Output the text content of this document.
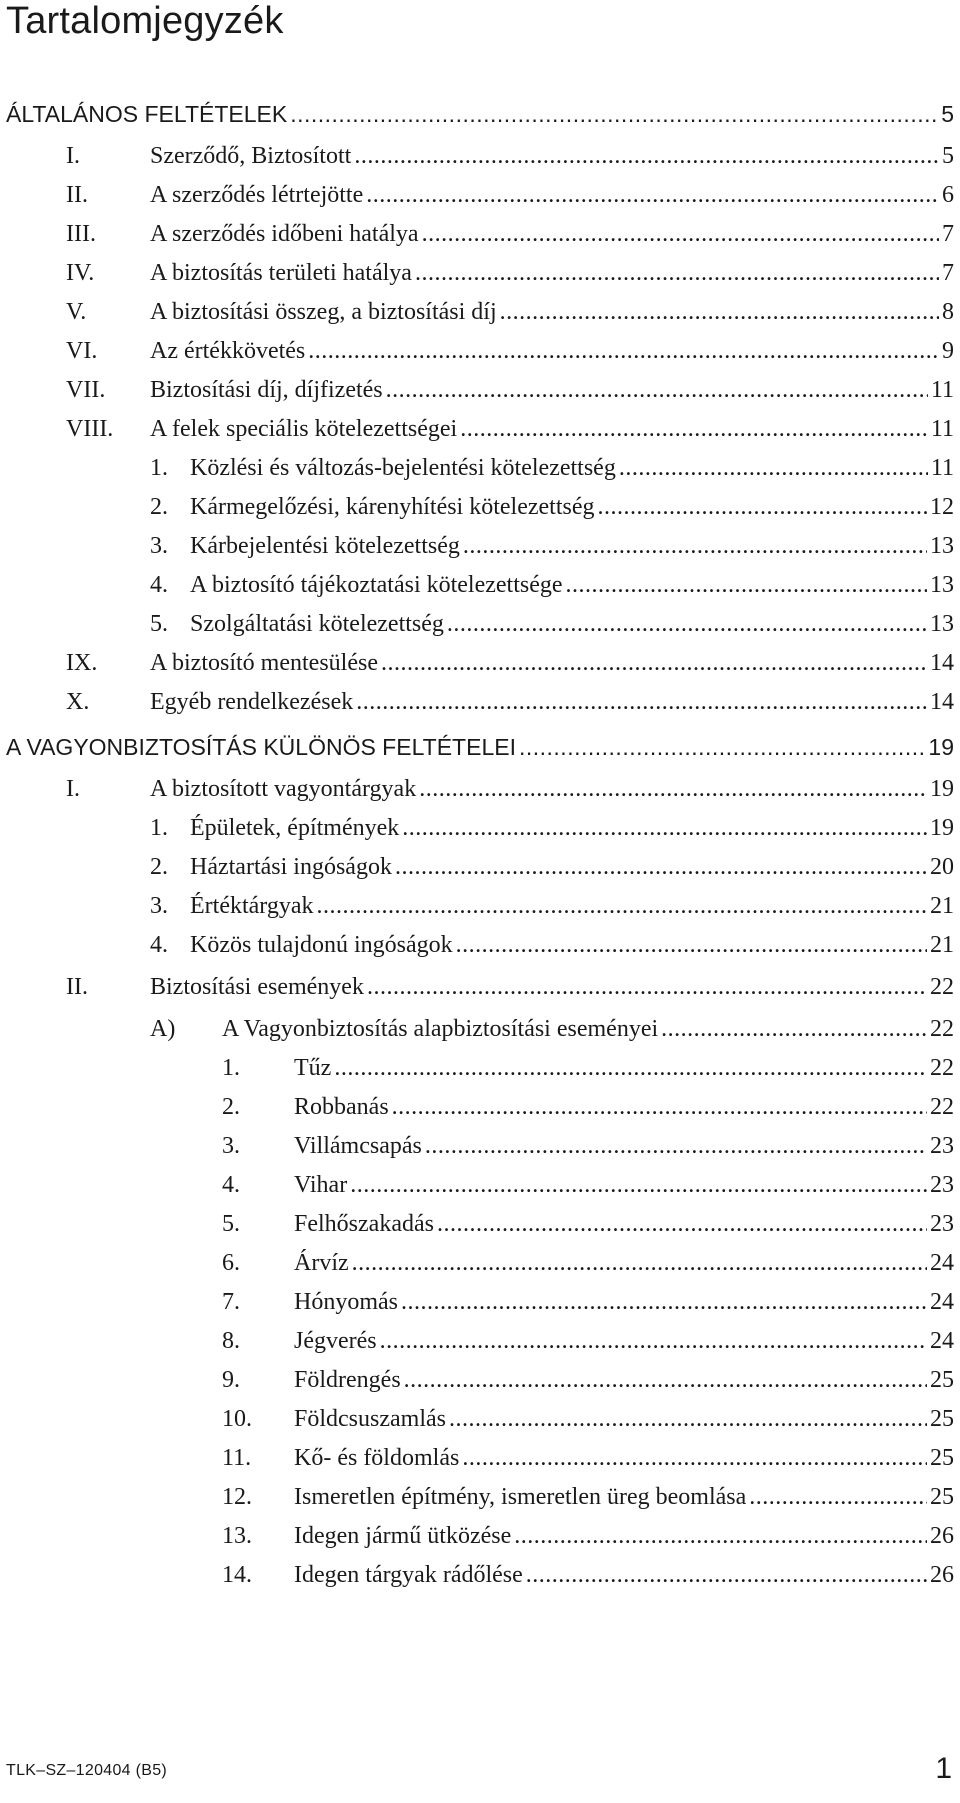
Tartalomjegyzék
ÁLTALÁNOS FELTÉTELEK .....	5
I.	Szerződő, Biztosított .....	5
II.	A szerződés létrtejötte .....	6
III.	A szerződés időbeni hatálya .....	7
IV.	A biztosítás területi hatálya .....	7
V.	A biztosítási összeg, a biztosítási díj .....	8
VI.	Az értékkövetés .....	9
VII.	Biztosítási díj, díjfizetés .....	11
VIII.	A felek speciális kötelezettségei .....	11
1. Közlési és változás-bejelentési kötelezettség .....	11
2. Kármegelőzési, kárenyhítési kötelezettség .....	12
3. Kárbejelentési kötelezettség .....	13
4. A biztosító tájékoztatási kötelezettsége .....	13
5. Szolgáltatási kötelezettség .....	13
IX.	A biztosító mentesülése .....	14
X.	Egyéb rendelkezések .....	14
A VAGYONBIZTOSÍTÁS KÜLÖNÖS FELTÉTELEI .....	19
I.	A biztosított vagyontárgyak .....	19
1. Épületek, építmények .....	19
2. Háztartási ingóságok .....	20
3. Értéktárgyak .....	21
4. Közös tulajdonú ingóságok .....	21
II.	Biztosítási események .....	22
A)	A Vagyonbiztosítás alapbiztosítási eseményei .....	22
1.	Tűz .....	22
2.	Robbanás .....	22
3.	Villámcsapás .....	23
4.	Vihar .....	23
5.	Felhőszakadás .....	23
6.	Árvíz .....	24
7.	Hónyomás .....	24
8.	Jégverés .....	24
9.	Földrengés .....	25
10.	Földcsuszamlás .....	25
11.	Kő- és földomlás .....	25
12.	Ismeretlen építmény, ismeretlen üreg beomlása .....	25
13.	Idegen jármű ütközése .....	26
14.	Idegen tárgyak rádőlése .....	26
TLK–SZ–120404 (B5)	1
